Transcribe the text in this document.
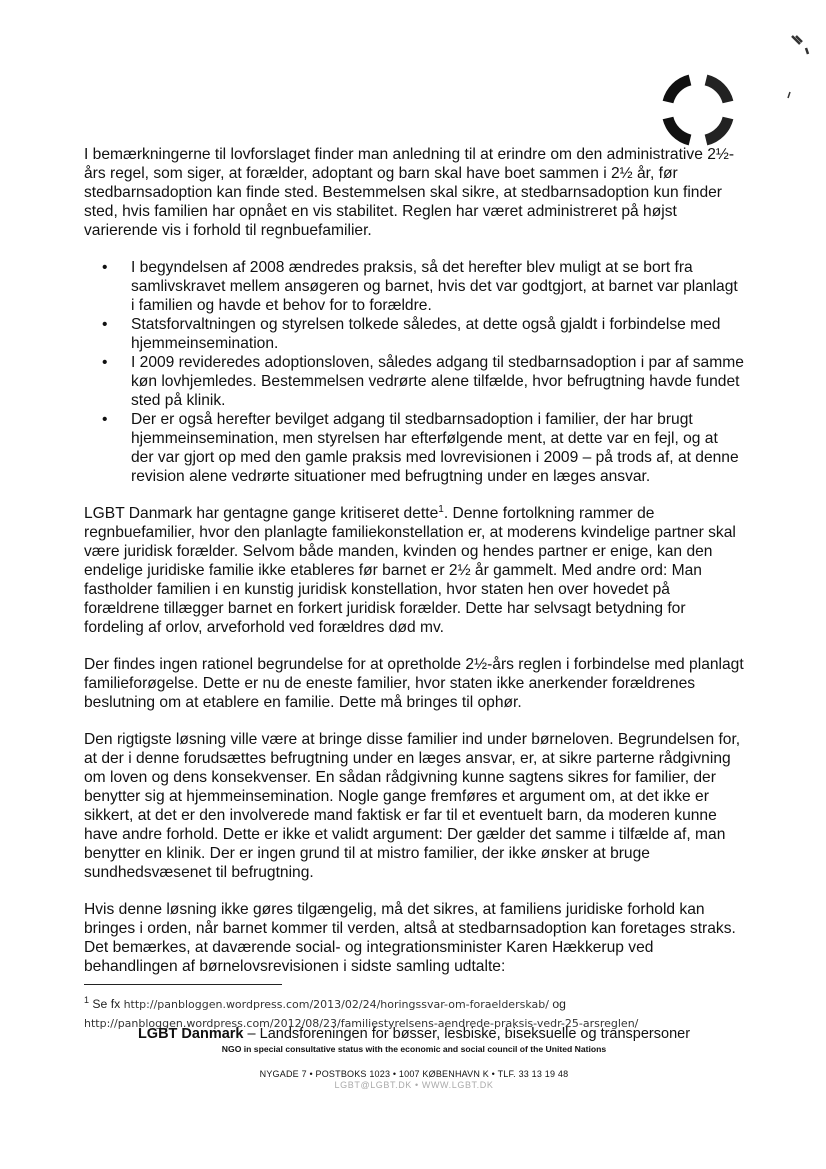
I bemærkningerne til lovforslaget finder man anledning til at erindre om den administrative 2½-års regel, som siger, at forælder, adoptant og barn skal have boet sammen i 2½ år, før stedbarnsadoption kan finde sted. Bestemmelsen skal sikre, at stedbarnsadoption kun finder sted, hvis familien har opnået en vis stabilitet. Reglen har været administreret på højst varierende vis i forhold til regnbuefamilier.

• I begyndelsen af 2008 ændredes praksis, så det herefter blev muligt at se bort fra samlivskravet mellem ansøgeren og barnet, hvis det var godtgjort, at barnet var planlagt i familien og havde et behov for to forældre.
• Statsforvaltningen og styrelsen tolkede således, at dette også gjaldt i forbindelse med hjemmeinsemination.
• I 2009 revideredes adoptionsloven, således adgang til stedbarnsadoption i par af samme køn lovhjemledes. Bestemmelsen vedrørte alene tilfælde, hvor befrugtning havde fundet sted på klinik.
• Der er også herefter bevilget adgang til stedbarnsadoption i familier, der har brugt hjemmeinsemination, men styrelsen har efterfølgende ment, at dette var en fejl, og at der var gjort op med den gamle praksis med lovrevisionen i 2009 – på trods af, at denne revision alene vedrørte situationer med befrugtning under en læges ansvar.

LGBT Danmark har gentagne gange kritiseret dette$^1$. Denne fortolkning rammer de regnbuefamilier, hvor den planlagte familiekonstellation er, at moderens kvindelige partner skal være juridisk forælder. Selvom både manden, kvinden og hendes partner er enige, kan den endelige juridiske familie ikke etableres før barnet er 2½ år gammelt. Med andre ord: Man fastholder familien i en kunstig juridisk konstellation, hvor staten hen over hovedet på forældrene tillægger barnet en forkert juridisk forælder. Dette har selvsagt betydning for fordeling af orlov, arveforhold ved forældres død mv.

Der findes ingen rationel begrundelse for at opretholde 2½-års reglen i forbindelse med planlagt familieforøgelse. Dette er nu de eneste familier, hvor staten ikke anerkender forældrenes beslutning om at etablere en familie. Dette må bringes til ophør.

Den rigtigste løsning ville være at bringe disse familier ind under børneloven. Begrundelsen for, at der i denne forudsættes befrugtning under en læges ansvar, er, at sikre parterne rådgivning om loven og dens konsekvenser. En sådan rådgivning kunne sagtens sikres for familier, der benytter sig at hjemmeinsemination. Nogle gange fremføres et argument om, at det ikke er sikkert, at det er den involverede mand faktisk er far til et eventuelt barn, da moderen kunne have andre forhold. Dette er ikke et validt argument: Der gælder det samme i tilfælde af, man benytter en klinik. Der er ingen grund til at mistro familier, der ikke ønsker at bruge sundhedsvæsenet til befrugtning.

Hvis denne løsning ikke gøres tilgængelig, må det sikres, at familiens juridiske forhold kan bringes i orden, når barnet kommer til verden, altså at stedbarnsadoption kan foretages straks. Det bemærkes, at daværende social- og integrationsminister Karen Hækkerup ved behandlingen af børnelovsrevisionen i sidste samling udtalte:

$^1$ Se fx http://panbloggen.wordpress.com/2013/02/24/horingssvar-om-foraelderskab/ og
http://panbloggen.wordpress.com/2012/08/23/familiestyrelsens-aendrede-praksis-vedr-25-arsreglen/
LGBT Danmark – Landsforeningen for bøsser, lesbiske, biseksuelle og transpersoner
NGO in special consultative status with the economic and social council of the United Nations
NYGADE 7 • POSTBOKS 1023 • 1007 KØBENHAVN K • TLF. 33 13 19 48
LGBT@LGBT.DK • WWW.LGBT.DK
